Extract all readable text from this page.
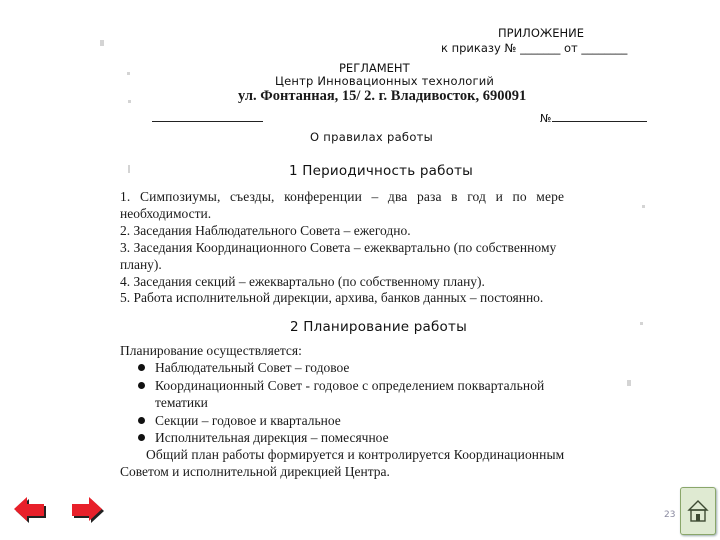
ПРИЛОЖЕНИЕ
к приказу № _______ от ________
РЕГЛАМЕНТ
Центр Инновационных технологий
ул. Фонтанная, 15/ 2. г. Владивосток, 690091
№
О правилах работы
1 Периодичность работы
1. Симпозиумы, съезды, конференции – два раза в год и по мере
необходимости.
2. Заседания Наблюдательного Совета – ежегодно.
3. Заседания Координационного Совета – ежеквартально (по собственному
плану).
4. Заседания секций – ежеквартально (по собственному плану).
5. Работа исполнительной дирекции, архива, банков данных – постоянно.
2 Планирование работы
Планирование осуществляется:
Наблюдательный Совет – годовое
Координационный Совет - годовое с определением поквартальной
тематики
Секции – годовое и квартальное
Исполнительная дирекция – помесячное
Общий план работы формируется и контролируется Координационным
Советом и исполнительной дирекцией Центра.
23
